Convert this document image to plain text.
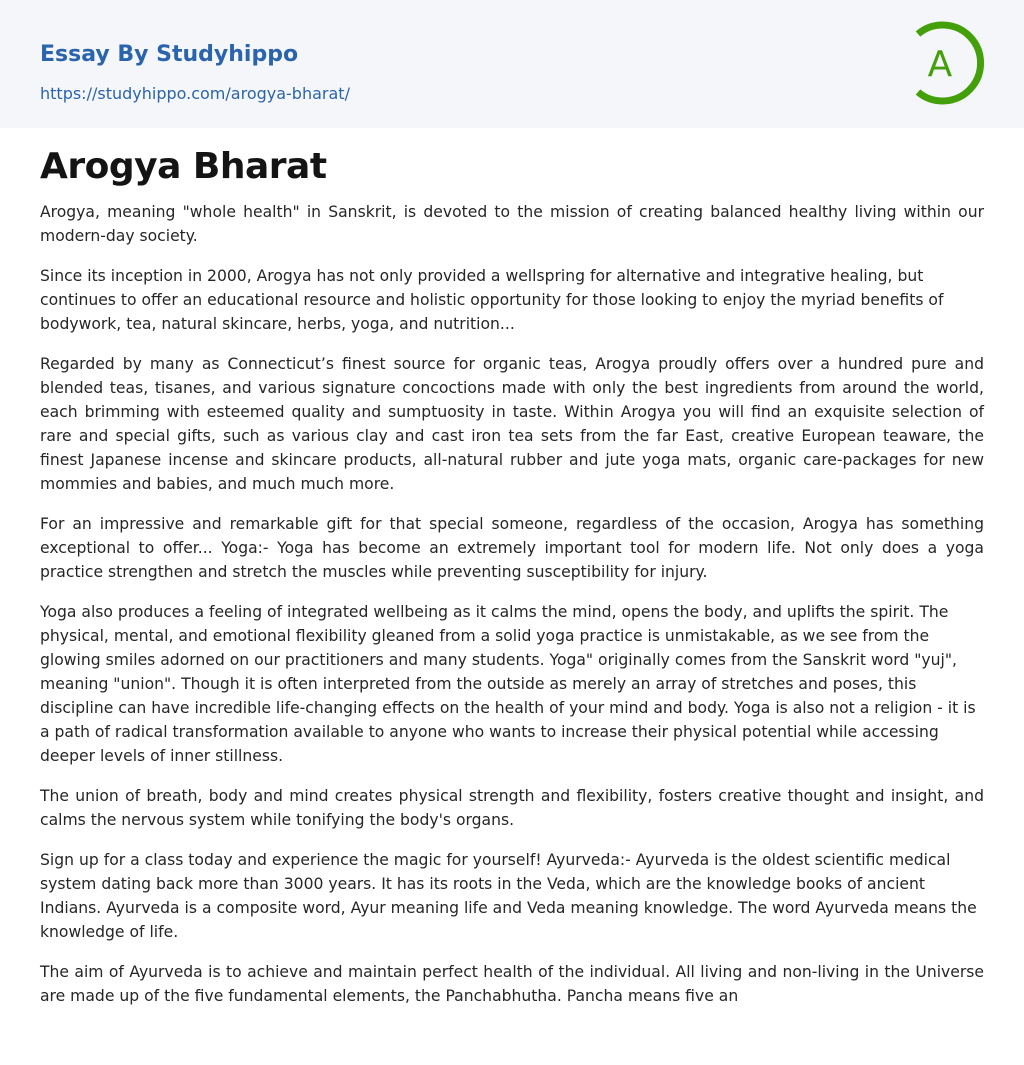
Essay By Studyhippo
https://studyhippo.com/arogya-bharat/
A
Arogya Bharat

Arogya, meaning "whole health" in Sanskrit, is devoted to the mission of creating balanced healthy living within our modern-day society.

Since its inception in 2000, Arogya has not only provided a wellspring for alternative and integrative healing, but continues to offer an educational resource and holistic opportunity for those looking to enjoy the myriad benefits of bodywork, tea, natural skincare, herbs, yoga, and nutrition...

Regarded by many as Connecticut’s finest source for organic teas, Arogya proudly offers over a hundred pure and blended teas, tisanes, and various signature concoctions made with only the best ingredients from around the world, each brimming with esteemed quality and sumptuosity in taste. Within Arogya you will find an exquisite selection of rare and special gifts, such as various clay and cast iron tea sets from the far East, creative European teaware, the finest Japanese incense and skincare products, all-natural rubber and jute yoga mats, organic care-packages for new mommies and babies, and much much more.

For an impressive and remarkable gift for that special someone, regardless of the occasion, Arogya has something exceptional to offer... Yoga:- Yoga has become an extremely important tool for modern life. Not only does a yoga practice strengthen and stretch the muscles while preventing susceptibility for injury.

Yoga also produces a feeling of integrated wellbeing as it calms the mind, opens the body, and uplifts the spirit. The physical, mental, and emotional flexibility gleaned from a solid yoga practice is unmistakable, as we see from the glowing smiles adorned on our practitioners and many students. Yoga" originally comes from the Sanskrit word "yuj", meaning "union". Though it is often interpreted from the outside as merely an array of stretches and poses, this discipline can have incredible life-changing effects on the health of your mind and body. Yoga is also not a religion - it is a path of radical transformation available to anyone who wants to increase their physical potential while accessing deeper levels of inner stillness.

The union of breath, body and mind creates physical strength and flexibility, fosters creative thought and insight, and calms the nervous system while tonifying the body's organs.

Sign up for a class today and experience the magic for yourself! Ayurveda:- Ayurveda is the oldest scientific medical system dating back more than 3000 years. It has its roots in the Veda, which are the knowledge books of ancient Indians. Ayurveda is a composite word, Ayur meaning life and Veda meaning knowledge. The word Ayurveda means the knowledge of life.

The aim of Ayurveda is to achieve and maintain perfect health of the individual. All living and non-living in the Universe are made up of the five fundamental elements, the Panchabhutha. Pancha means five an
